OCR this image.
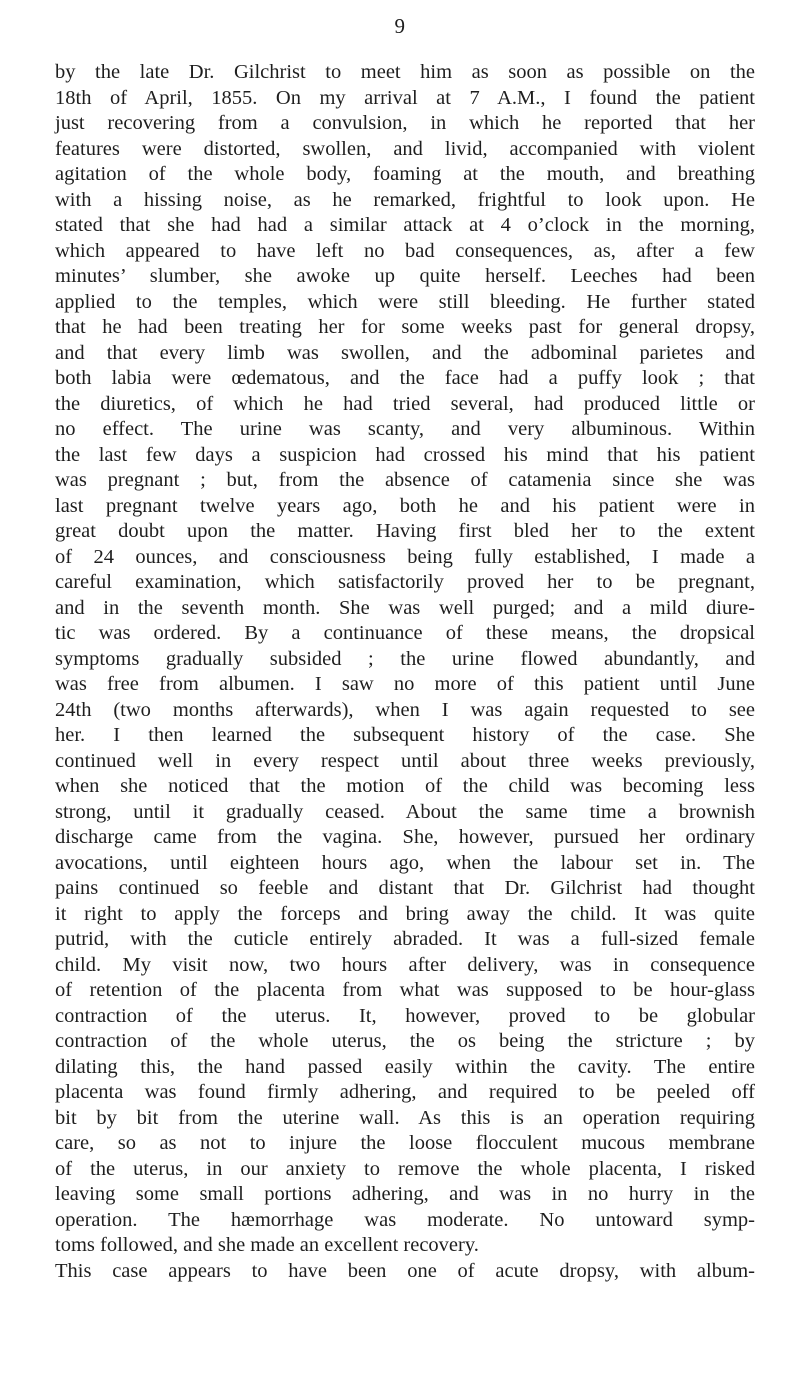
9
by the late Dr. Gilchrist to meet him as soon as possible on the
18th of April, 1855. On my arrival at 7 A.M., I found the patient
just recovering from a convulsion, in which he reported that her
features were distorted, swollen, and livid, accompanied with violent
agitation of the whole body, foaming at the mouth, and breathing
with a hissing noise, as he remarked, frightful to look upon. He
stated that she had had a similar attack at 4 o’clock in the morning,
which appeared to have left no bad consequences, as, after a few
minutes’ slumber, she awoke up quite herself. Leeches had been
applied to the temples, which were still bleeding. He further stated
that he had been treating her for some weeks past for general dropsy,
and that every limb was swollen, and the adbominal parietes and
both labia were œdematous, and the face had a puffy look ; that
the diuretics, of which he had tried several, had produced little or
no effect. The urine was scanty, and very albuminous. Within
the last few days a suspicion had crossed his mind that his patient
was pregnant ; but, from the absence of catamenia since she was
last pregnant twelve years ago, both he and his patient were in
great doubt upon the matter. Having first bled her to the extent
of 24 ounces, and consciousness being fully established, I made a
careful examination, which satisfactorily proved her to be pregnant,
and in the seventh month. She was well purged; and a mild diure-
tic was ordered. By a continuance of these means, the dropsical
symptoms gradually subsided ; the urine flowed abundantly, and
was free from albumen. I saw no more of this patient until June
24th (two months afterwards), when I was again requested to see
her. I then learned the subsequent history of the case. She
continued well in every respect until about three weeks previously,
when she noticed that the motion of the child was becoming less
strong, until it gradually ceased. About the same time a brownish
discharge came from the vagina. She, however, pursued her ordinary
avocations, until eighteen hours ago, when the labour set in. The
pains continued so feeble and distant that Dr. Gilchrist had thought
it right to apply the forceps and bring away the child. It was quite
putrid, with the cuticle entirely abraded. It was a full-sized female
child. My visit now, two hours after delivery, was in consequence
of retention of the placenta from what was supposed to be hour-glass
contraction of the uterus. It, however, proved to be globular
contraction of the whole uterus, the os being the stricture ; by
dilating this, the hand passed easily within the cavity. The entire
placenta was found firmly adhering, and required to be peeled off
bit by bit from the uterine wall. As this is an operation requiring
care, so as not to injure the loose flocculent mucous membrane
of the uterus, in our anxiety to remove the whole placenta, I risked
leaving some small portions adhering, and was in no hurry in the
operation. The hæmorrhage was moderate. No untoward symp-
toms followed, and she made an excellent recovery.
This case appears to have been one of acute dropsy, with album-
